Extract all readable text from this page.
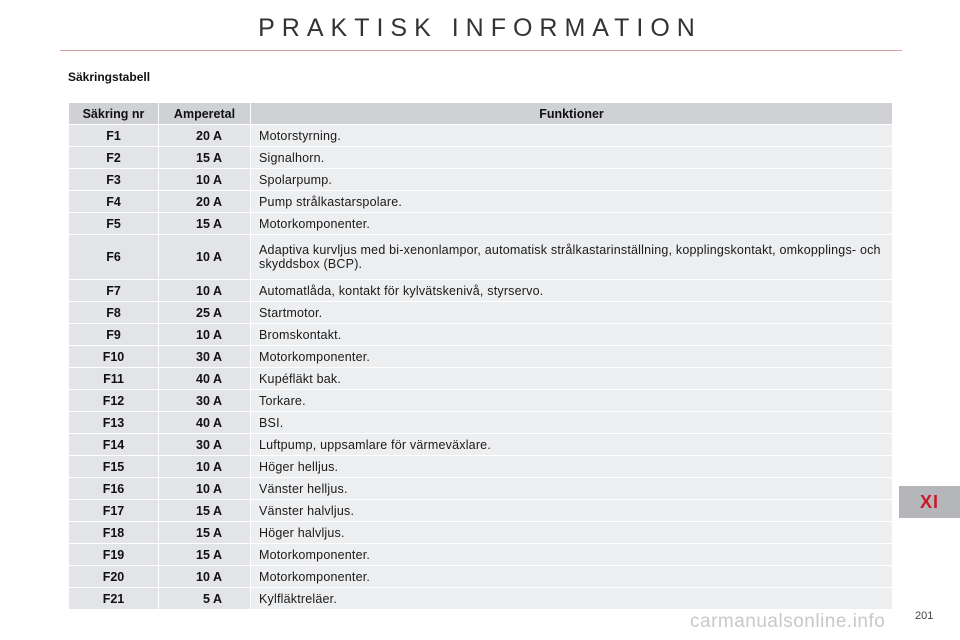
PRAKTISK INFORMATION
Säkringstabell
Säkring nr	Amperetal	Funktioner
F1	20 A	Motorstyrning.
F2	15 A	Signalhorn.
F3	10 A	Spolarpump.
F4	20 A	Pump strålkastarspolare.
F5	15 A	Motorkomponenter.
F6	10 A	Adaptiva kurvljus med bi-xenonlampor, automatisk strålkastarinställning, kopplingskontakt, omkopplings- och skyddsbox (BCP).
F7	10 A	Automatlåda, kontakt för kylvätskenivå, styrservo.
F8	25 A	Startmotor.
F9	10 A	Bromskontakt.
F10	30 A	Motorkomponenter.
F11	40 A	Kupéfläkt bak.
F12	30 A	Torkare.
F13	40 A	BSI.
F14	30 A	Luftpump, uppsamlare för värmeväxlare.
F15	10 A	Höger helljus.
F16	10 A	Vänster helljus.
F17	15 A	Vänster halvljus.
F18	15 A	Höger halvljus.
F19	15 A	Motorkomponenter.
F20	10 A	Motorkomponenter.
F21	5 A	Kylfläktreläer.
XI
201
carmanualsonline.info
